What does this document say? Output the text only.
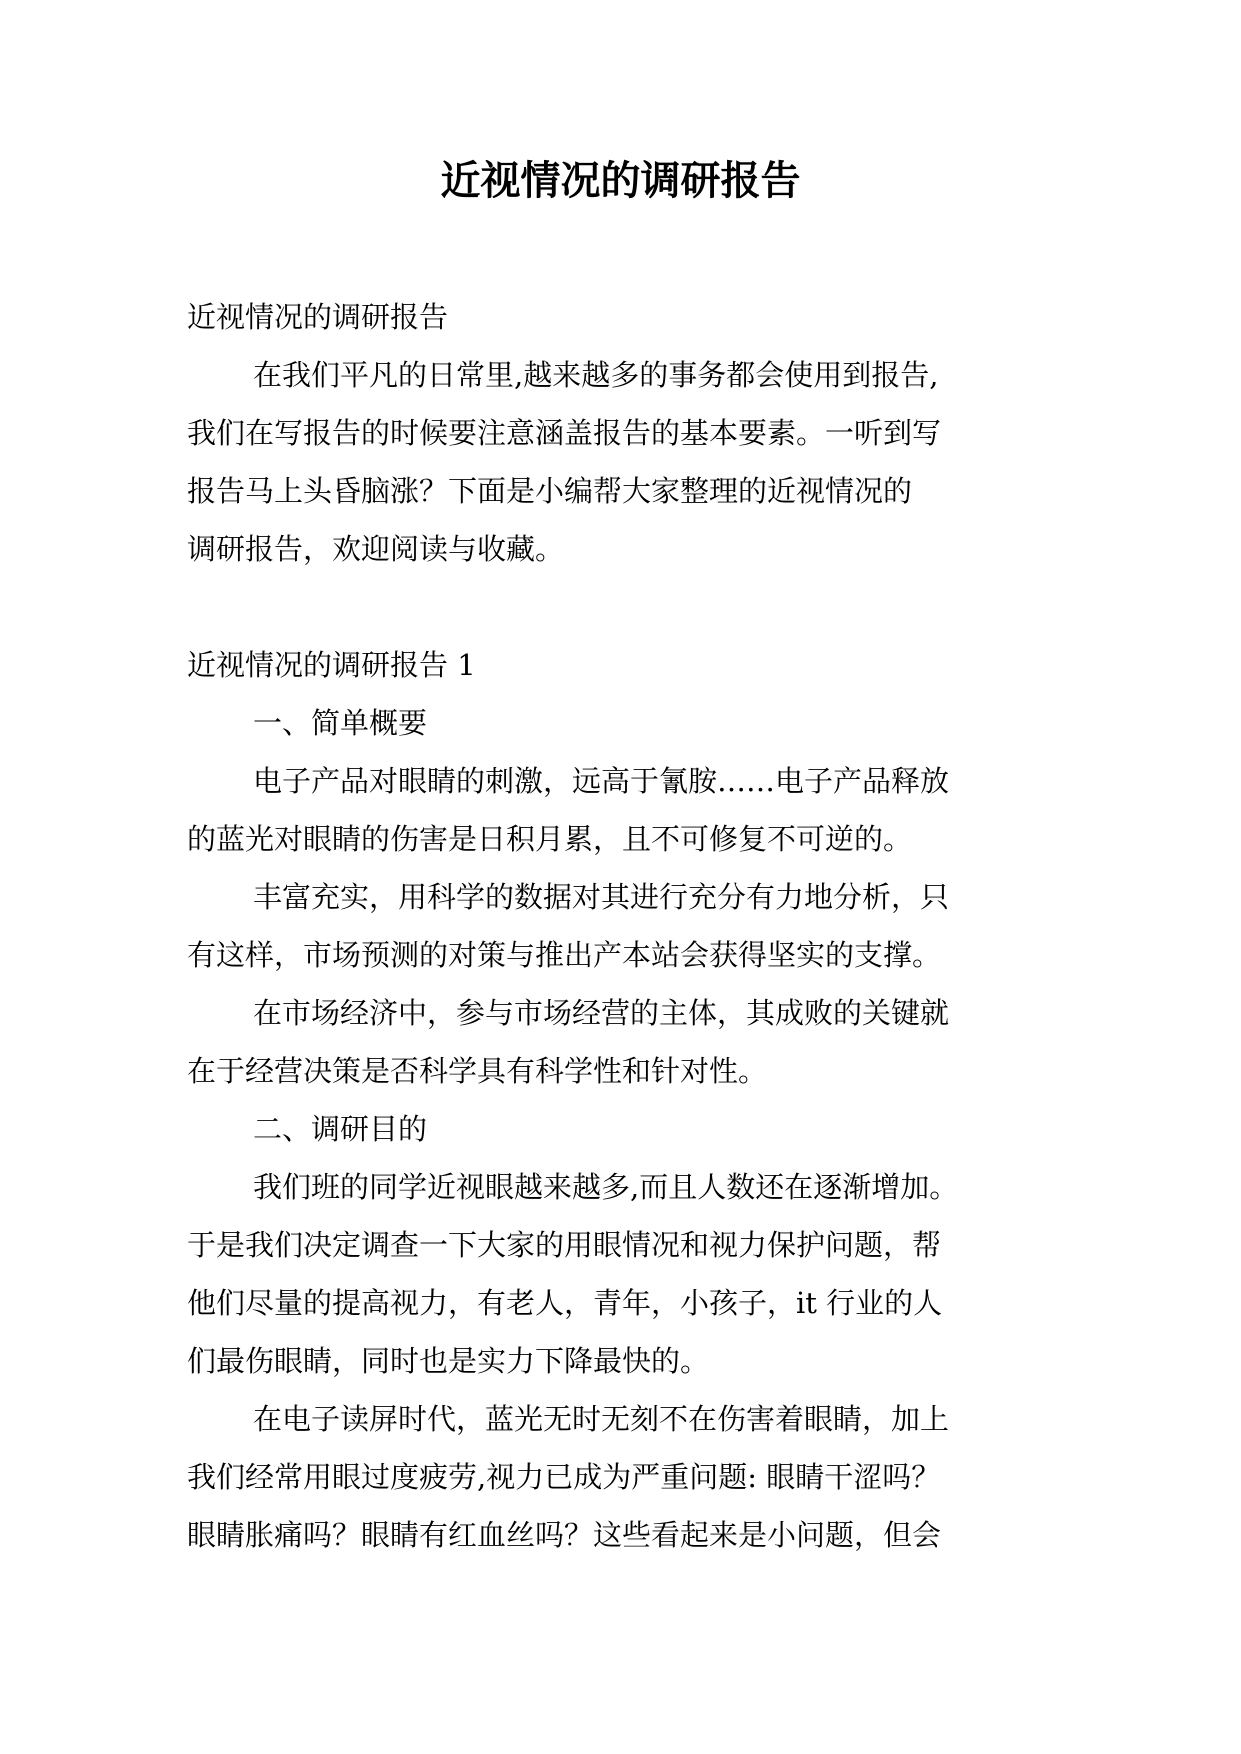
近视情况的调研报告
近视情况的调研报告
在我们平凡的日常里,越来越多的事务都会使用到报告,
我们在写报告的时候要注意涵盖报告的基本要素。一听到写
报告马上头昏脑涨？下面是小编帮大家整理的近视情况的
调研报告，欢迎阅读与收藏。
近视情况的调研报告 1
一、简单概要
电子产品对眼睛的刺激，远高于氰胺……电子产品释放
的蓝光对眼睛的伤害是日积月累，且不可修复不可逆的。
丰富充实，用科学的数据对其进行充分有力地分析，只
有这样，市场预测的对策与推出产本站会获得坚实的支撑。
在市场经济中，参与市场经营的主体，其成败的关键就
在于经营决策是否科学具有科学性和针对性。
二、调研目的
我们班的同学近视眼越来越多,而且人数还在逐渐增加。
于是我们决定调查一下大家的用眼情况和视力保护问题，帮
他们尽量的提高视力，有老人，青年，小孩子，it 行业的人
们最伤眼睛，同时也是实力下降最快的。
在电子读屏时代，蓝光无时无刻不在伤害着眼睛，加上
我们经常用眼过度疲劳,视力已成为严重问题: 眼睛干涩吗？
眼睛胀痛吗？眼睛有红血丝吗？这些看起来是小问题，但会
